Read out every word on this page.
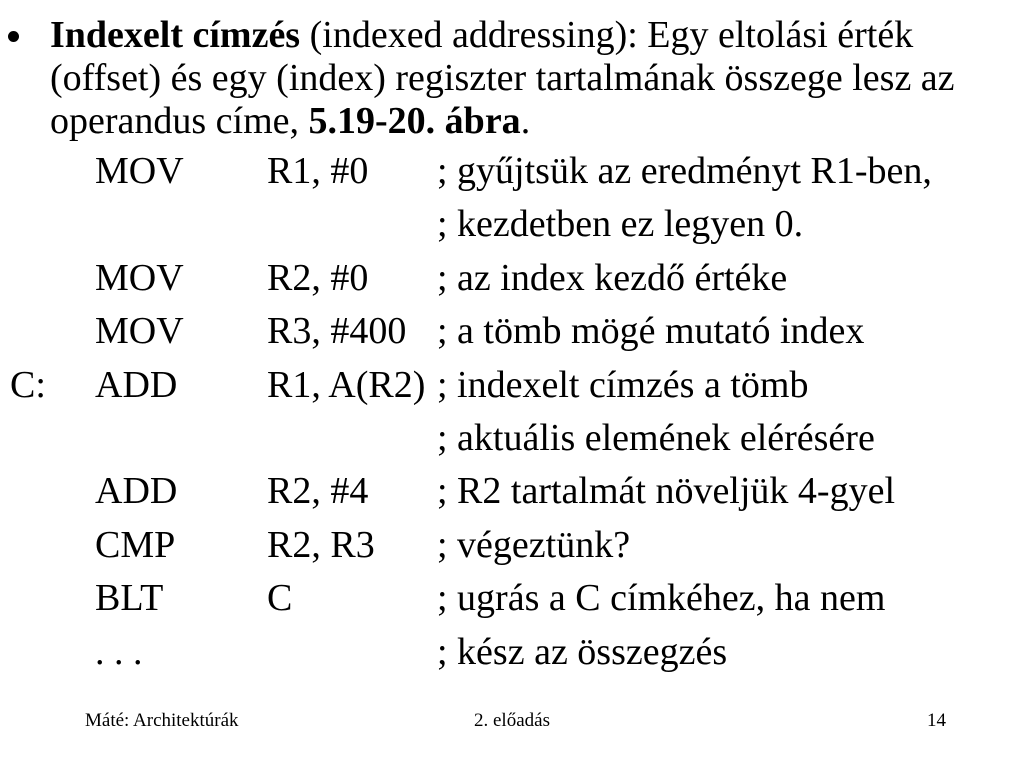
Indexelt címzés (indexed addressing): Egy eltolási érték
(offset) és egy (index) regiszter tartalmának összege lesz az
operandus címe, 5.19-20. ábra.
MOV	R1, #0	; gyűjtsük az eredményt R1-ben,
; kezdetben ez legyen 0.
MOV	R2, #0	; az index kezdő értéke
MOV	R3, #400 ; a tömb mögé mutató index
C:	ADD	R1, A(R2) ; indexelt címzés a tömb
; aktuális elemének elérésére
ADD	R2, #4	; R2 tartalmát növeljük 4-gyel
CMP	R2, R3	; végeztünk?
BLT	C	; ugrás a C címkéhez, ha nem
. . .	; kész az összegzés
Máté: Architektúrák	2. előadás	14
